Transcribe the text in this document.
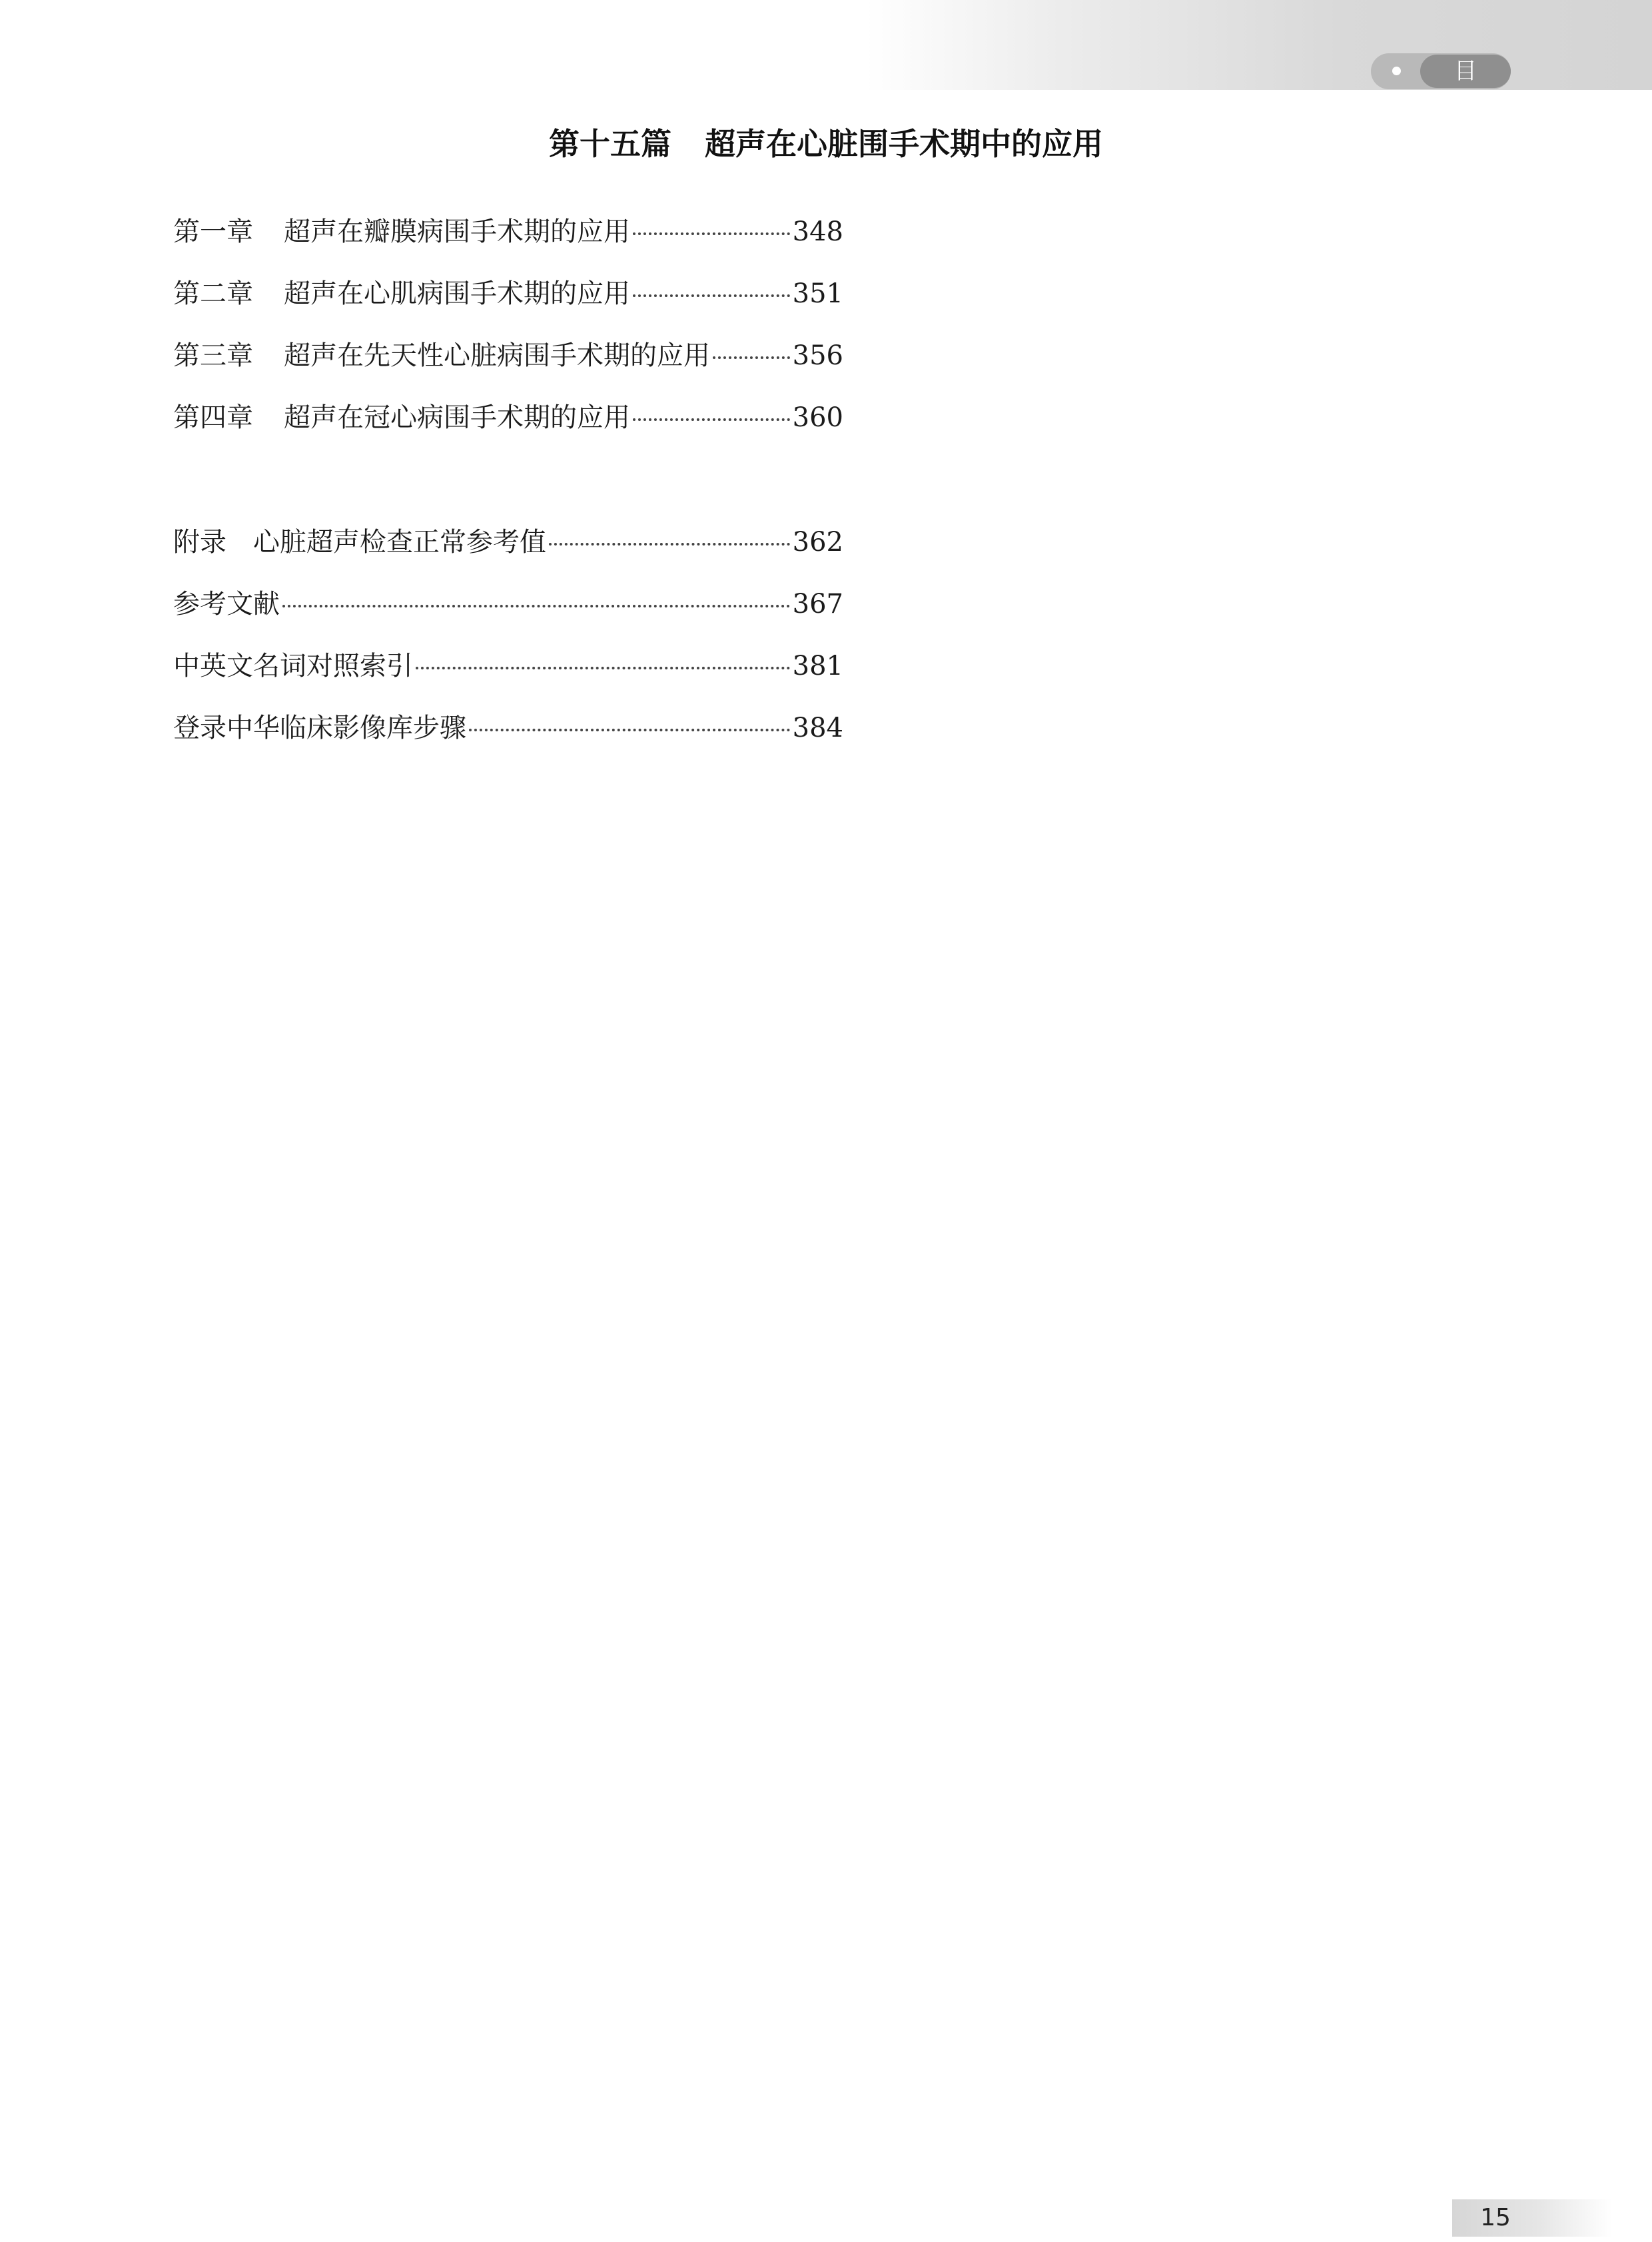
目录
第十五篇 超声在心脏围手术期中的应用
第一章 超声在瓣膜病围手术期的应用	348
第二章 超声在心肌病围手术期的应用	351
第三章 超声在先天性心脏病围手术期的应用	356
第四章 超声在冠心病围手术期的应用	360
附录 心脏超声检查正常参考值	362
参考文献	367
中英文名词对照索引	381
登录中华临床影像库步骤	384
15
